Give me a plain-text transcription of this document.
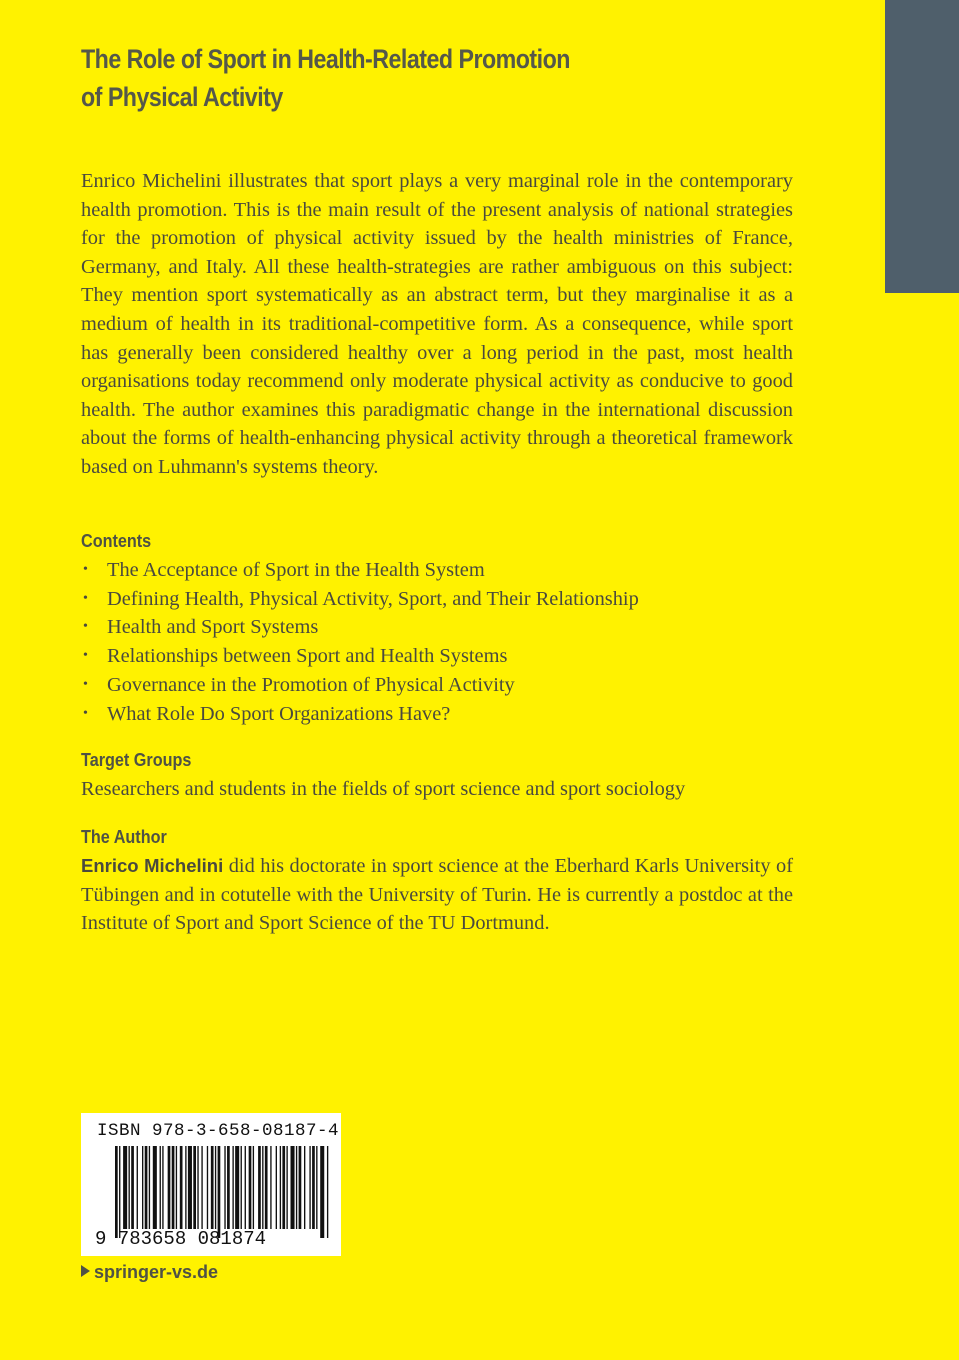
The Role of Sport in Health-Related Promotion
of Physical Activity

Enrico Michelini illustrates that sport plays a very marginal role in the contemporary health promotion. This is the main result of the present analysis of national strategies for the promotion of physical activity issued by the health ministries of France, Germany, and Italy. All these health-strategies are rather ambiguous on this subject: They mention sport systematically as an abstract term, but they marginalise it as a medium of health in its traditional-competitive form. As a consequence, while sport has generally been considered healthy over a long period in the past, most health organisations today recommend only moderate physical activity as conducive to good health. The author examines this paradigmatic change in the international discussion about the forms of health-enhancing physical activity through a theoretical framework based on Luhmann's systems theory.

Contents
• The Acceptance of Sport in the Health System
• Defining Health, Physical Activity, Sport, and Their Relationship
• Health and Sport Systems
• Relationships between Sport and Health Systems
• Governance in the Promotion of Physical Activity
• What Role Do Sport Organizations Have?
Target Groups

Researchers and students in the fields of sport science and sport sociology

The Author

Enrico Michelini did his doctorate in sport science at the Eberhard Karls University of Tübingen and in cotutelle with the University of Turin. He is currently a postdoc at the Institute of Sport and Sport Science of the TU Dortmund.

ISBN 978-3-658-08187-4
9 783658 081874
springer-vs.de
